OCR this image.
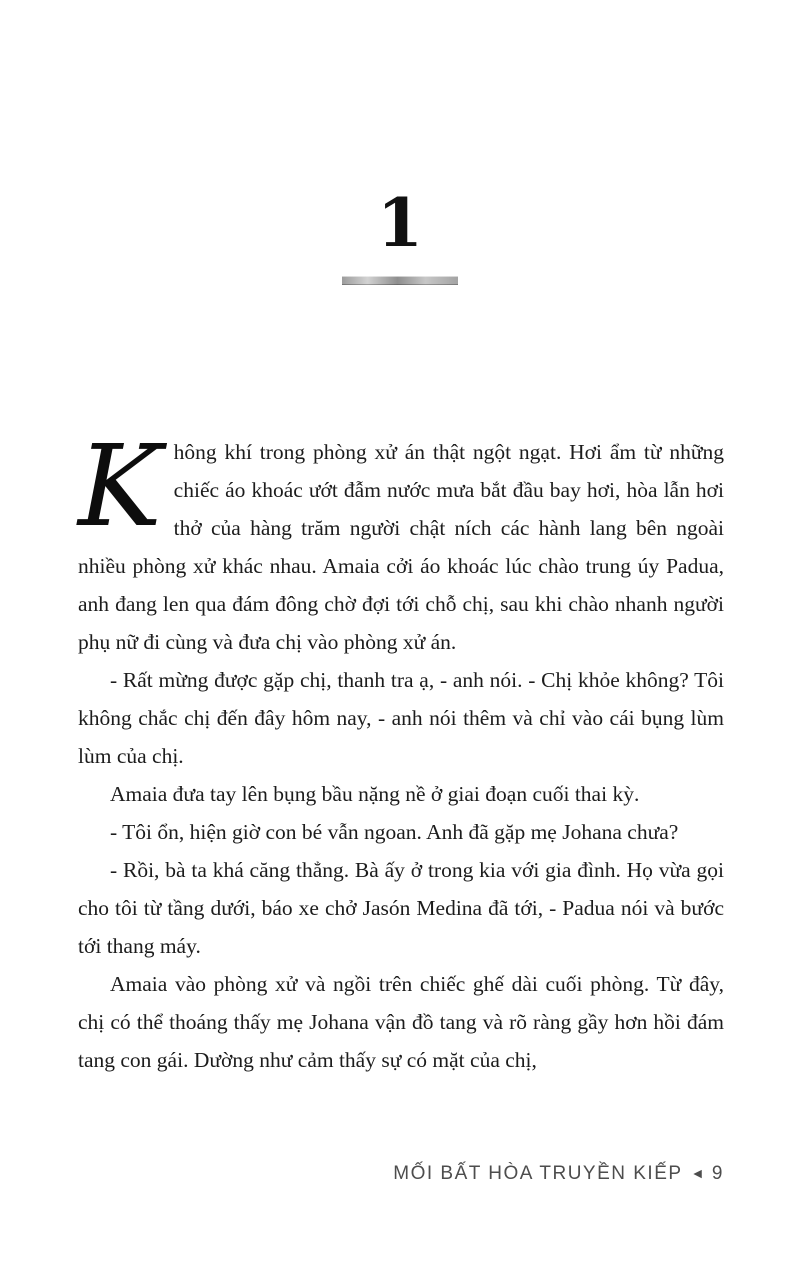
1

Không khí trong phòng xử án thật ngột ngạt. Hơi ẩm từ những chiếc áo khoác ướt đẫm nước mưa bắt đầu bay hơi, hòa lẫn hơi thở của hàng trăm người chật ních các hành lang bên ngoài nhiều phòng xử khác nhau. Amaia cởi áo khoác lúc chào trung úy Padua, anh đang len qua đám đông chờ đợi tới chỗ chị, sau khi chào nhanh người phụ nữ đi cùng và đưa chị vào phòng xử án.

- Rất mừng được gặp chị, thanh tra ạ, - anh nói. - Chị khỏe không? Tôi không chắc chị đến đây hôm nay, - anh nói thêm và chỉ vào cái bụng lùm lùm của chị.

Amaia đưa tay lên bụng bầu nặng nề ở giai đoạn cuối thai kỳ.

- Tôi ổn, hiện giờ con bé vẫn ngoan. Anh đã gặp mẹ Johana chưa?

- Rồi, bà ta khá căng thẳng. Bà ấy ở trong kia với gia đình. Họ vừa gọi cho tôi từ tầng dưới, báo xe chở Jasón Medina đã tới, - Padua nói và bước tới thang máy.

Amaia vào phòng xử và ngồi trên chiếc ghế dài cuối phòng. Từ đây, chị có thể thoáng thấy mẹ Johana vận đồ tang và rõ ràng gầy hơn hồi đám tang con gái. Dường như cảm thấy sự có mặt của chị,

MỐI BẤT HÒA TRUYỀN KIẾP ◄ 9
